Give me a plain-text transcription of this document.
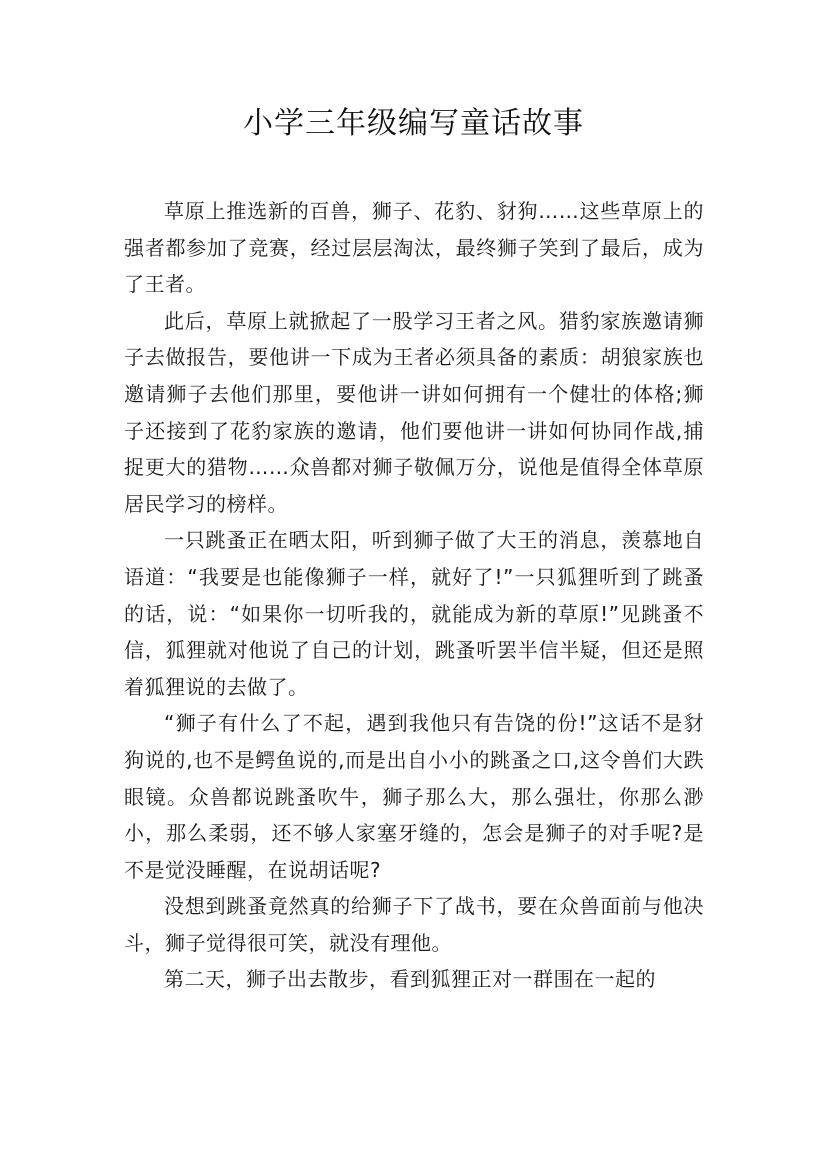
小学三年级编写童话故事

草原上推选新的百兽，狮子、花豹、豺狗……这些草原上的强者都参加了竞赛，经过层层淘汰，最终狮子笑到了最后，成为了王者。

此后，草原上就掀起了一股学习王者之风。猎豹家族邀请狮子去做报告，要他讲一下成为王者必须具备的素质：胡狼家族也邀请狮子去他们那里，要他讲一讲如何拥有一个健壮的体格;狮子还接到了花豹家族的邀请，他们要他讲一讲如何协同作战,捕捉更大的猎物……众兽都对狮子敬佩万分，说他是值得全体草原居民学习的榜样。

一只跳蚤正在晒太阳，听到狮子做了大王的消息，羡慕地自语道：“我要是也能像狮子一样，就好了!”一只狐狸听到了跳蚤的话，说：“如果你一切听我的，就能成为新的草原!”见跳蚤不信，狐狸就对他说了自己的计划，跳蚤听罢半信半疑，但还是照着狐狸说的去做了。

“狮子有什么了不起，遇到我他只有告饶的份!”这话不是豺狗说的,也不是鳄鱼说的,而是出自小小的跳蚤之口,这令兽们大跌眼镜。众兽都说跳蚤吹牛，狮子那么大，那么强壮，你那么渺小，那么柔弱，还不够人家塞牙缝的，怎会是狮子的对手呢?是不是觉没睡醒，在说胡话呢?

没想到跳蚤竟然真的给狮子下了战书，要在众兽面前与他决斗，狮子觉得很可笑，就没有理他。

第二天，狮子出去散步，看到狐狸正对一群围在一起的
